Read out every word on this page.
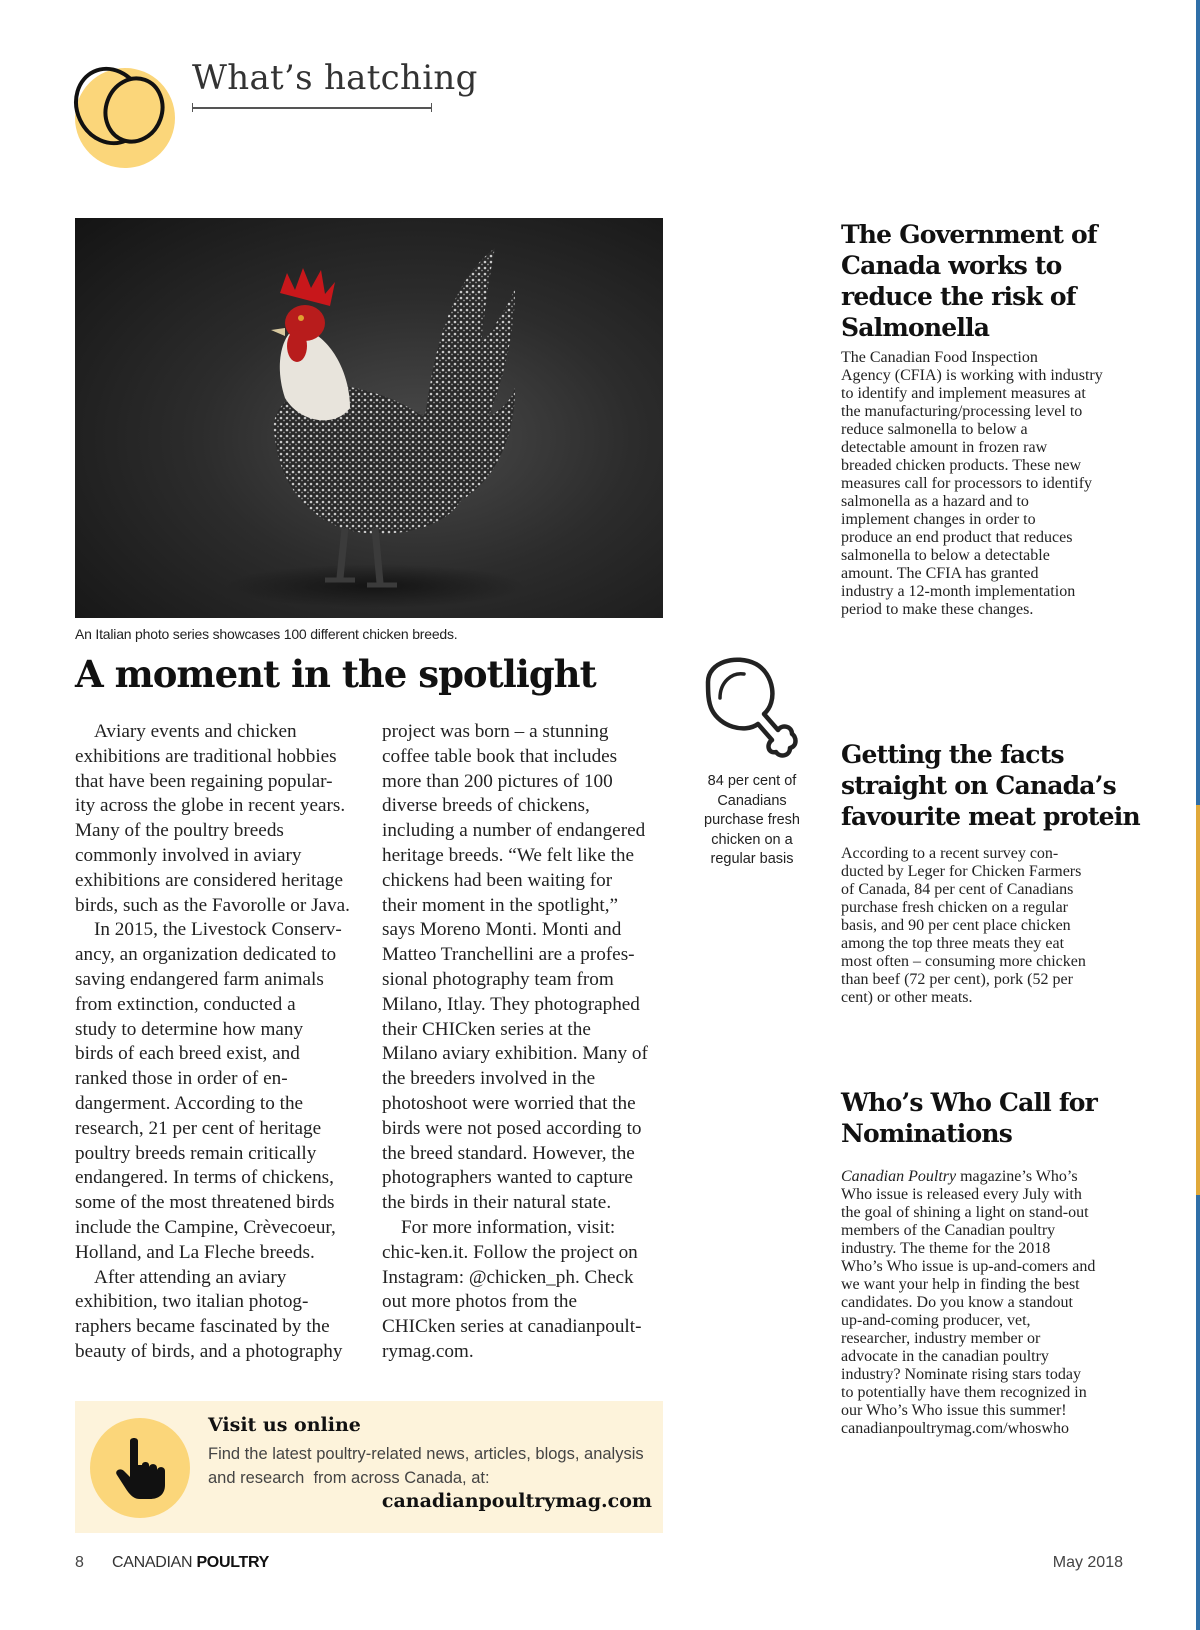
What’s hatching
An Italian photo series showcases 100 different chicken breeds.
A moment in the spotlight

Aviary events and chicken

exhibitions are traditional hobbies
that have been regaining popular-
ity across the globe in recent years.
Many of the poultry breeds
commonly involved in aviary
exhibitions are considered heritage
birds, such as the Favorolle or Java.

In 2015, the Livestock Conserv-

ancy, an organization dedicated to
saving endangered farm animals
from extinction, conducted a
study to determine how many
birds of each breed exist, and
ranked those in order of en-
dangerment. According to the
research, 21 per cent of heritage
poultry breeds remain critically
endangered. In terms of chickens,
some of the most threatened birds
include the Campine, Crèvecoeur,
Holland, and La Fleche breeds.

After attending an aviary

exhibition, two italian photog-
raphers became fascinated by the
beauty of birds, and a photography

project was born – a stunning
coffee table book that includes
more than 200 pictures of 100
diverse breeds of chickens,
including a number of endangered
heritage breeds. “We felt like the
chickens had been waiting for
their moment in the spotlight,”
says Moreno Monti. Monti and
Matteo Tranchellini are a profes-
sional photography team from
Milano, Itlay. They photographed
their CHICken series at the
Milano aviary exhibition. Many of
the breeders involved in the
photoshoot were worried that the
birds were not posed according to
the breed standard. However, the
photographers wanted to capture
the birds in their natural state.

For more information, visit:

chic-ken.it. Follow the project on
Instagram: @chicken_ph. Check
out more photos from the
CHICken series at canadianpoult-
rymag.com.

Visit us online
Find the latest poultry-related news, articles, blogs, analysis
and research  from across Canada, at:
canadianpoultrymag.com
84 per cent of
Canadians
purchase fresh
chicken on a
regular basis
The Government of
Canada works to
reduce the risk of
Salmonella
The Canadian Food Inspection
Agency (CFIA) is working with industry
to identify and implement measures at
the manufacturing/processing level to
reduce salmonella to below a
detectable amount in frozen raw
breaded chicken products. These new
measures call for processors to identify
salmonella as a hazard and to
implement changes in order to
produce an end product that reduces
salmonella to below a detectable
amount. The CFIA has granted
industry a 12-month implementation
period to make these changes.
Getting the facts
straight on Canada’s
favourite meat protein
According to a recent survey con-
ducted by Leger for Chicken Farmers
of Canada, 84 per cent of Canadians
purchase fresh chicken on a regular
basis, and 90 per cent place chicken
among the top three meats they eat
most often – consuming more chicken
than beef (72 per cent), pork (52 per
cent) or other meats.
Who’s Who Call for
Nominations
Canadian Poultry magazine’s Who’s
Who issue is released every July with
the goal of shining a light on stand-out
members of the Canadian poultry
industry. The theme for the 2018
Who’s Who issue is up-and-comers and
we want your help in finding the best
candidates. Do you know a standout
up-and-coming producer, vet,
researcher, industry member or
advocate in the canadian poultry
industry? Nominate rising stars today
to potentially have them recognized in
our Who’s Who issue this summer!
canadianpoultrymag.com/whoswho
8 CANADIAN POULTRY	May 2018
